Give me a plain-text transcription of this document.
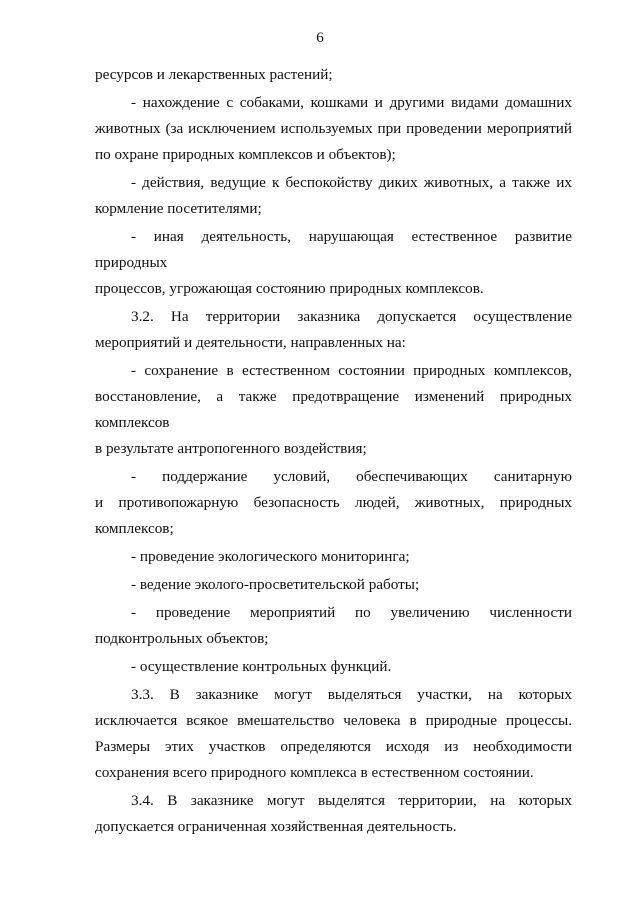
6

ресурсов и лекарственных растений;

- нахождение с собаками, кошками и другими видами домашних

животных (за исключением используемых при проведении мероприятий

по охране природных комплексов и объектов);

- действия, ведущие к беспокойству диких животных, а также их

кормление посетителями;

- иная деятельность, нарушающая естественное развитие природных

процессов, угрожающая состоянию природных комплексов.

3.2. На территории заказника допускается осуществление

мероприятий и деятельности, направленных на:

- сохранение в естественном состоянии природных комплексов,

восстановление, а также предотвращение изменений природных

комплексов

в результате антропогенного воздействия;

- поддержание условий, обеспечивающих санитарную

и противопожарную безопасность людей, животных, природных

комплексов;

- проведение экологического мониторинга;

- ведение эколого-просветительской работы;

- проведение мероприятий по увеличению численности

подконтрольных объектов;

- осуществление контрольных функций.

3.3. В заказнике могут выделяться участки, на которых

исключается всякое вмешательство человека в природные процессы.

Размеры этих участков определяются исходя из необходимости

сохранения всего природного комплекса в естественном состоянии.

3.4. В заказнике могут выделятся территории, на которых

допускается ограниченная хозяйственная деятельность.
